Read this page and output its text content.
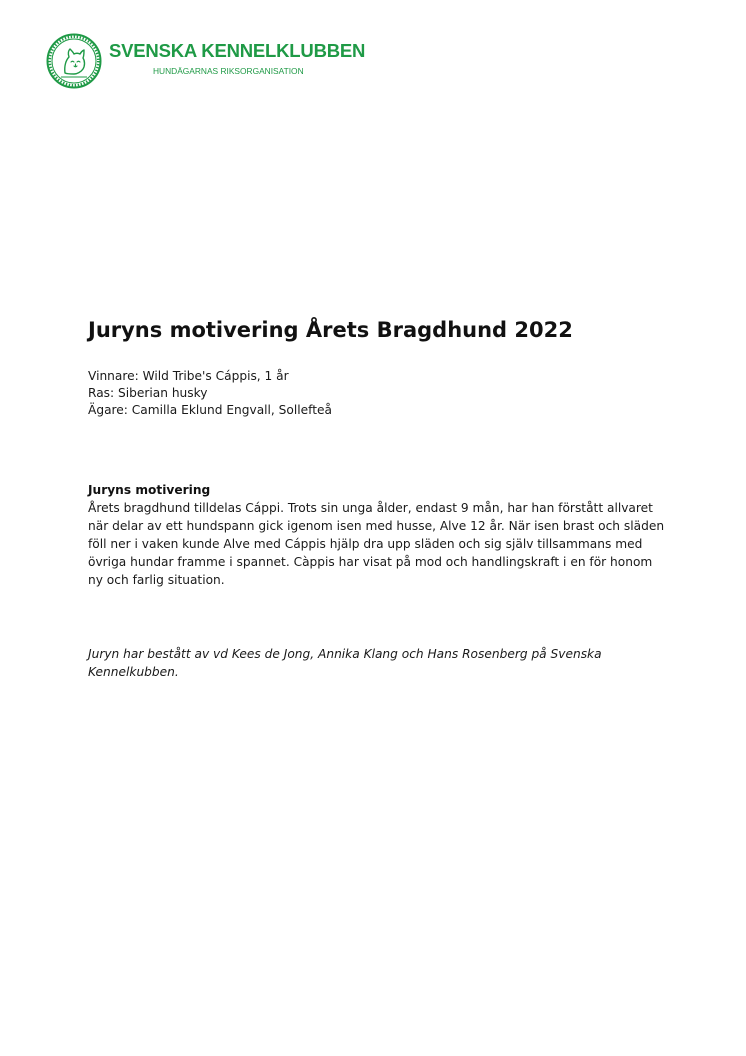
SVENSKA KENNELKLUBBEN
HUNDÄGARNAS RIKSORGANISATION
Juryns motivering Årets Bragdhund 2022
Vinnare: Wild Tribe's Cáppis, 1 år
Ras: Siberian husky
Ägare: Camilla Eklund Engvall, Sollefteå
Juryns motivering
Årets bragdhund tilldelas Cáppi. Trots sin unga ålder, endast 9 mån, har han förstått allvaret
när delar av ett hundspann gick igenom isen med husse, Alve 12 år. När isen brast och släden
föll ner i vaken kunde Alve med Cáppis hjälp dra upp släden och sig själv tillsammans med
övriga hundar framme i spannet. Càppis har visat på mod och handlingskraft i en för honom
ny och farlig situation.
Juryn har bestått av vd Kees de Jong, Annika Klang och Hans Rosenberg på Svenska
Kennelkubben.
